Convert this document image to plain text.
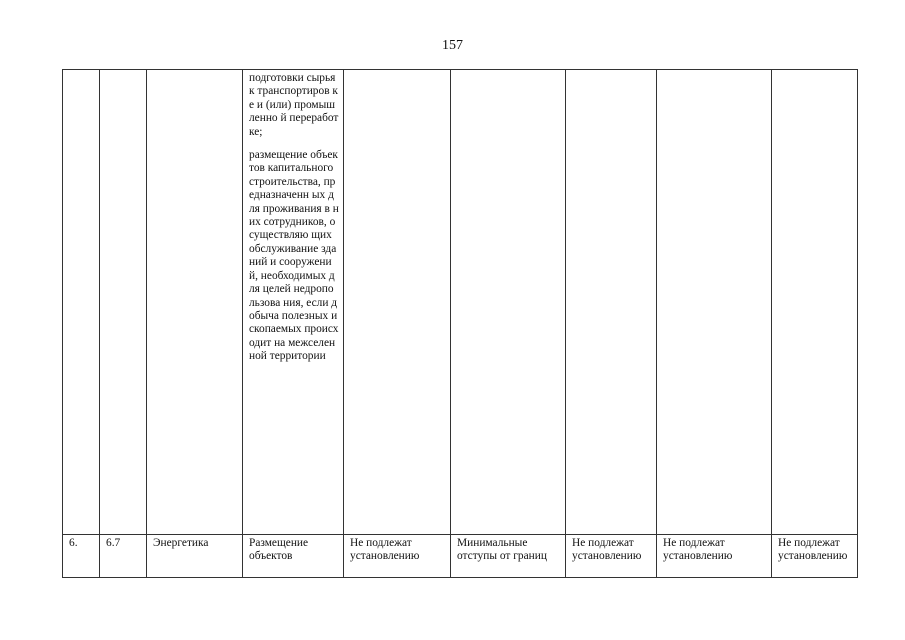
157

			подготовки сырья к транспортиров ке и (или) промышленно й переработке;

размещение объектов капитального строительства, предназначенн ых для проживания в них сотрудников, осуществляю щих обслуживание зданий и сооружений, необходимых для целей недропользова ния, если добыча полезных ископаемых происходит на межселенной территории					

6.	6.7	Энергетика	Размещение объектов	Не подлежат установлению	Минимальные отступы от границ	Не подлежат установлению	Не подлежат установлению	Не подлежат установлению
